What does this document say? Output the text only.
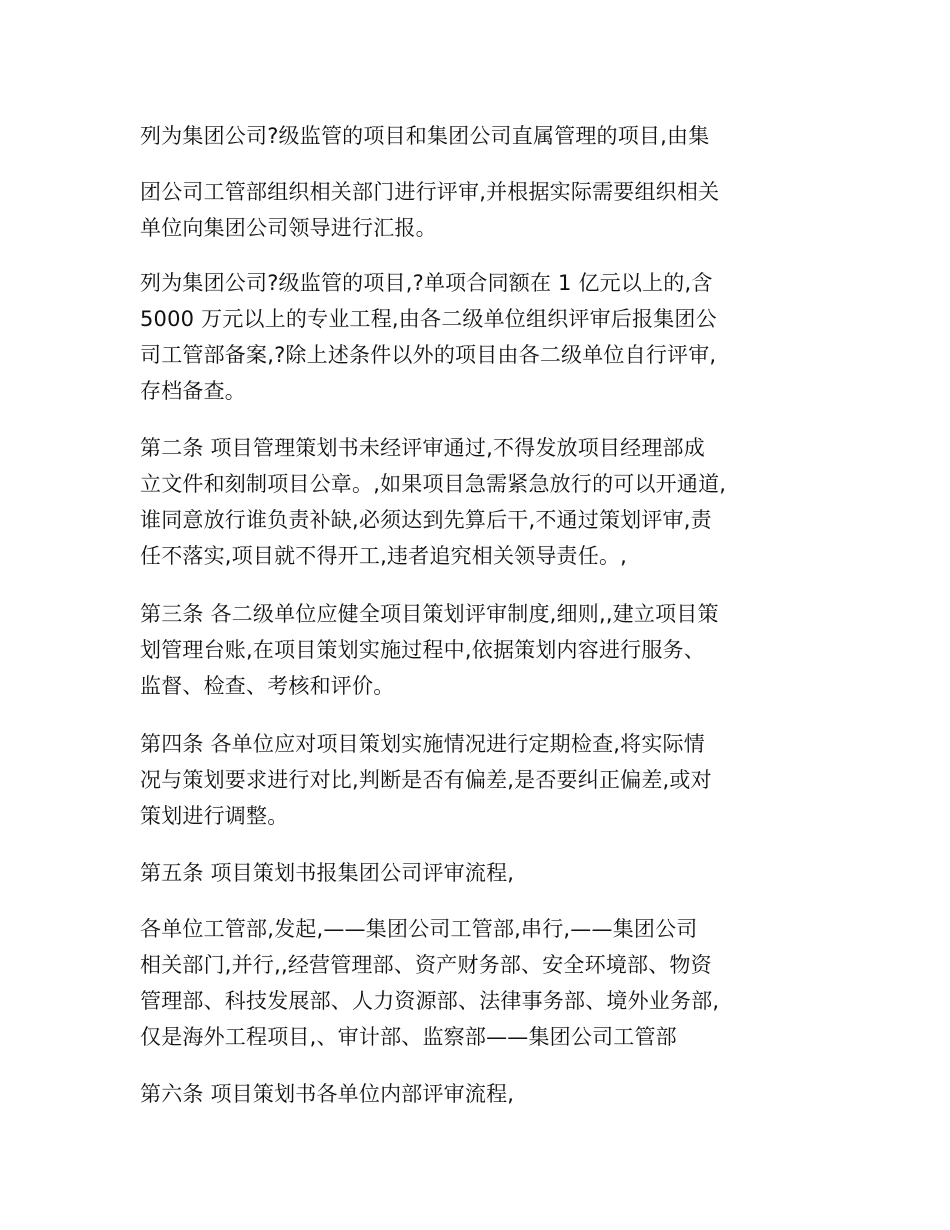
列为集团公司?级监管的项目和集团公司直属管理的项目,由集
团公司工管部组织相关部门进行评审,并根据实际需要组织相关
单位向集团公司领导进行汇报。
列为集团公司?级监管的项目,?单项合同额在 1 亿元以上的,含
5000 万元以上的专业工程,由各二级单位组织评审后报集团公
司工管部备案,?除上述条件以外的项目由各二级单位自行评审,
存档备查。
第二条 项目管理策划书未经评审通过,不得发放项目经理部成
立文件和刻制项目公章。,如果项目急需紧急放行的可以开通道,
谁同意放行谁负责补缺,必须达到先算后干,不通过策划评审,责
任不落实,项目就不得开工,违者追究相关领导责任。,
第三条 各二级单位应健全项目策划评审制度,细则,,建立项目策
划管理台账,在项目策划实施过程中,依据策划内容进行服务、
监督、检查、考核和评价。
第四条 各单位应对项目策划实施情况进行定期检查,将实际情
况与策划要求进行对比,判断是否有偏差,是否要纠正偏差,或对
策划进行调整。
第五条 项目策划书报集团公司评审流程,
各单位工管部,发起,——集团公司工管部,串行,——集团公司
相关部门,并行,,经营管理部、资产财务部、安全环境部、物资
管理部、科技发展部、人力资源部、法律事务部、境外业务部,
仅是海外工程项目,、审计部、监察部——集团公司工管部
第六条 项目策划书各单位内部评审流程,
